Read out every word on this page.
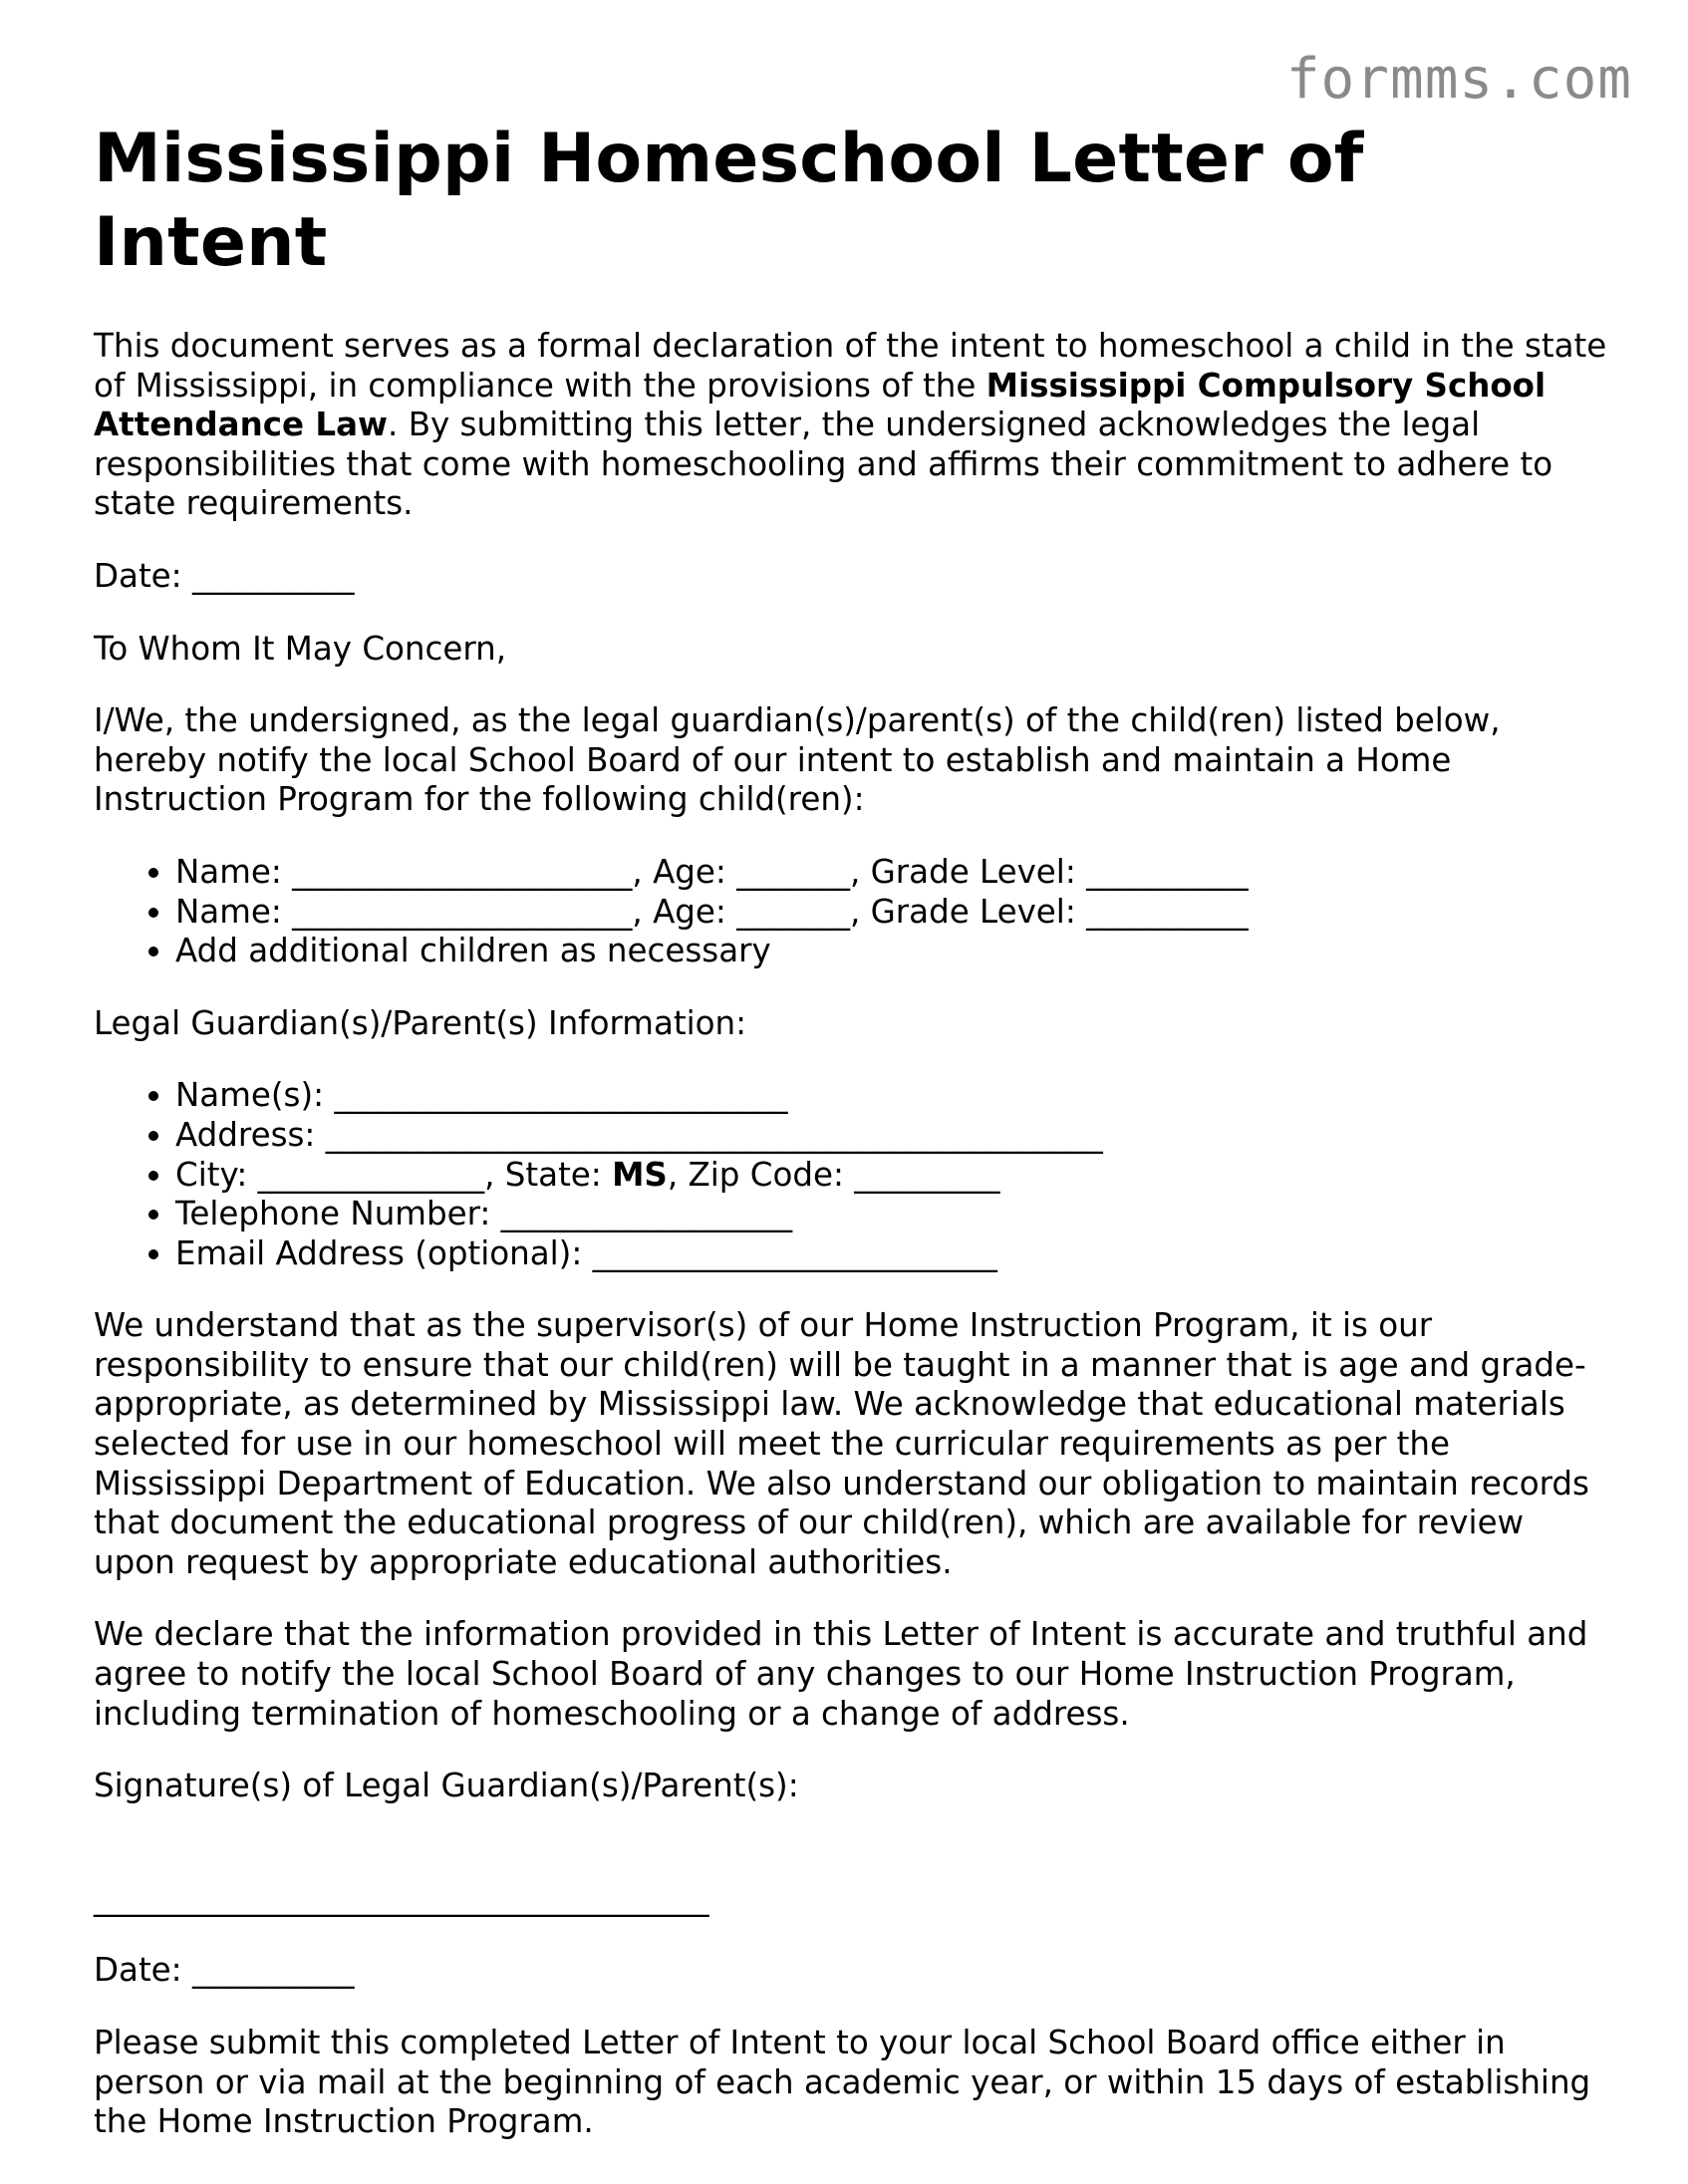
formms.com
Mississippi Homeschool Letter of Intent

This document serves as a formal declaration of the intent to homeschool a child in the state of Mississippi, in compliance with the provisions of the Mississippi Compulsory School Attendance Law. By submitting this letter, the undersigned acknowledges the legal responsibilities that come with homeschooling and affirms their commitment to adhere to state requirements.

Date: __________

To Whom It May Concern,

I/We, the undersigned, as the legal guardian(s)/parent(s) of the child(ren) listed below, hereby notify the local School Board of our intent to establish and maintain a Home Instruction Program for the following child(ren):

• Name: _____________________, Age: _______, Grade Level: __________
• Name: _____________________, Age: _______, Grade Level: __________
• Add additional children as necessary

Legal Guardian(s)/Parent(s) Information:

• Name(s): ____________________________
• Address: ________________________________________________
• City: ______________, State: MS, Zip Code: _________
• Telephone Number: __________________
• Email Address (optional): _________________________

We understand that as the supervisor(s) of our Home Instruction Program, it is our responsibility to ensure that our child(ren) will be taught in a manner that is age and grade-appropriate, as determined by Mississippi law. We acknowledge that educational materials selected for use in our homeschool will meet the curricular requirements as per the Mississippi Department of Education. We also understand our obligation to maintain records that document the educational progress of our child(ren), which are available for review upon request by appropriate educational authorities.

We declare that the information provided in this Letter of Intent is accurate and truthful and agree to notify the local School Board of any changes to our Home Instruction Program, including termination of homeschooling or a change of address.

Signature(s) of Legal Guardian(s)/Parent(s):

______________________________________

Date: __________

Please submit this completed Letter of Intent to your local School Board office either in person or via mail at the beginning of each academic year, or within 15 days of establishing the Home Instruction Program.
